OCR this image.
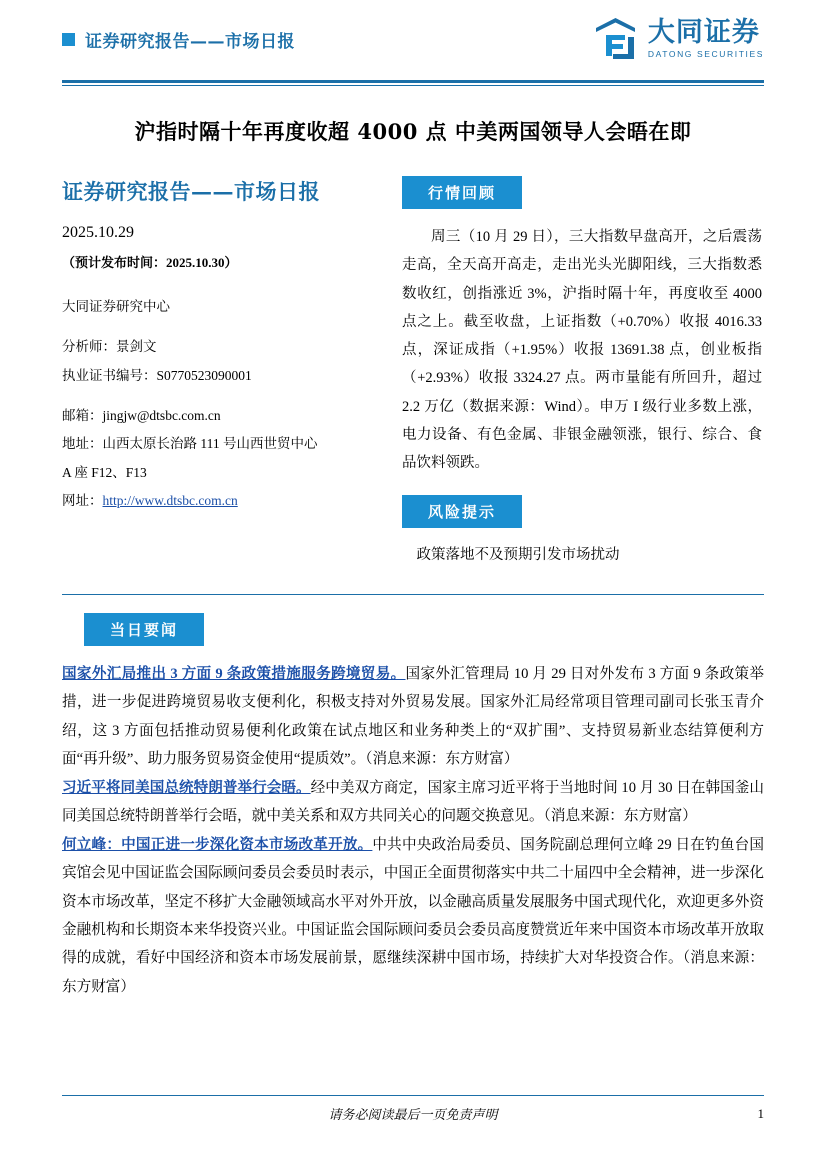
证券研究报告——市场日报	大同证券
DATONG SECURITIES
沪指时隔十年再度收超 4000 点 中美两国领导人会晤在即
证券研究报告——市场日报
2025.10.29
（预计发布时间：2025.10.30）
大同证券研究中心
分析师：景剑文
执业证书编号：S0770523090001
邮箱：jingjw@dtsbc.com.cn
地址：山西太原长治路 111 号山西世贸中心
A 座 F12、F13
网址：http://www.dtsbc.com.cn
行情回顾
周三（10 月 29 日），三大指数早盘高开，之后震荡走高，全天高开高走，走出光头光脚阳线，三大指数悉数收红，创指涨近 3%，沪指时隔十年，再度收至 4000 点之上。截至收盘，上证指数（+0.70%）收报 4016.33 点，深证成指（+1.95%）收报 13691.38 点，创业板指（+2.93%）收报 3324.27 点。两市量能有所回升，超过 2.2 万亿（数据来源：Wind）。申万 I 级行业多数上涨，电力设备、有色金属、非银金融领涨，银行、综合、食品饮料领跌。
风险提示
政策落地不及预期引发市场扰动
当日要闻
国家外汇局推出 3 方面 9 条政策措施服务跨境贸易。国家外汇管理局 10 月 29 日对外发布 3 方面 9 条政策举措，进一步促进跨境贸易收支便利化，积极支持对外贸易发展。国家外汇局经常项目管理司副司长张玉青介绍，这 3 方面包括推动贸易便利化政策在试点地区和业务种类上的“双扩围”、支持贸易新业态结算便利方面“再升级”、助力服务贸易资金使用“提质效”。（消息来源：东方财富）
习近平将同美国总统特朗普举行会晤。经中美双方商定，国家主席习近平将于当地时间 10 月 30 日在韩国釜山同美国总统特朗普举行会晤，就中美关系和双方共同关心的问题交换意见。（消息来源：东方财富）
何立峰：中国正进一步深化资本市场改革开放。中共中央政治局委员、国务院副总理何立峰 29 日在钓鱼台国宾馆会见中国证监会国际顾问委员会委员时表示，中国正全面贯彻落实中共二十届四中全会精神，进一步深化资本市场改革，坚定不移扩大金融领域高水平对外开放，以金融高质量发展服务中国式现代化，欢迎更多外资金融机构和长期资本来华投资兴业。中国证监会国际顾问委员会委员高度赞赏近年来中国资本市场改革开放取得的成就，看好中国经济和资本市场发展前景，愿继续深耕中国市场，持续扩大对华投资合作。（消息来源：东方财富）
请务必阅读最后一页免责声明	1
